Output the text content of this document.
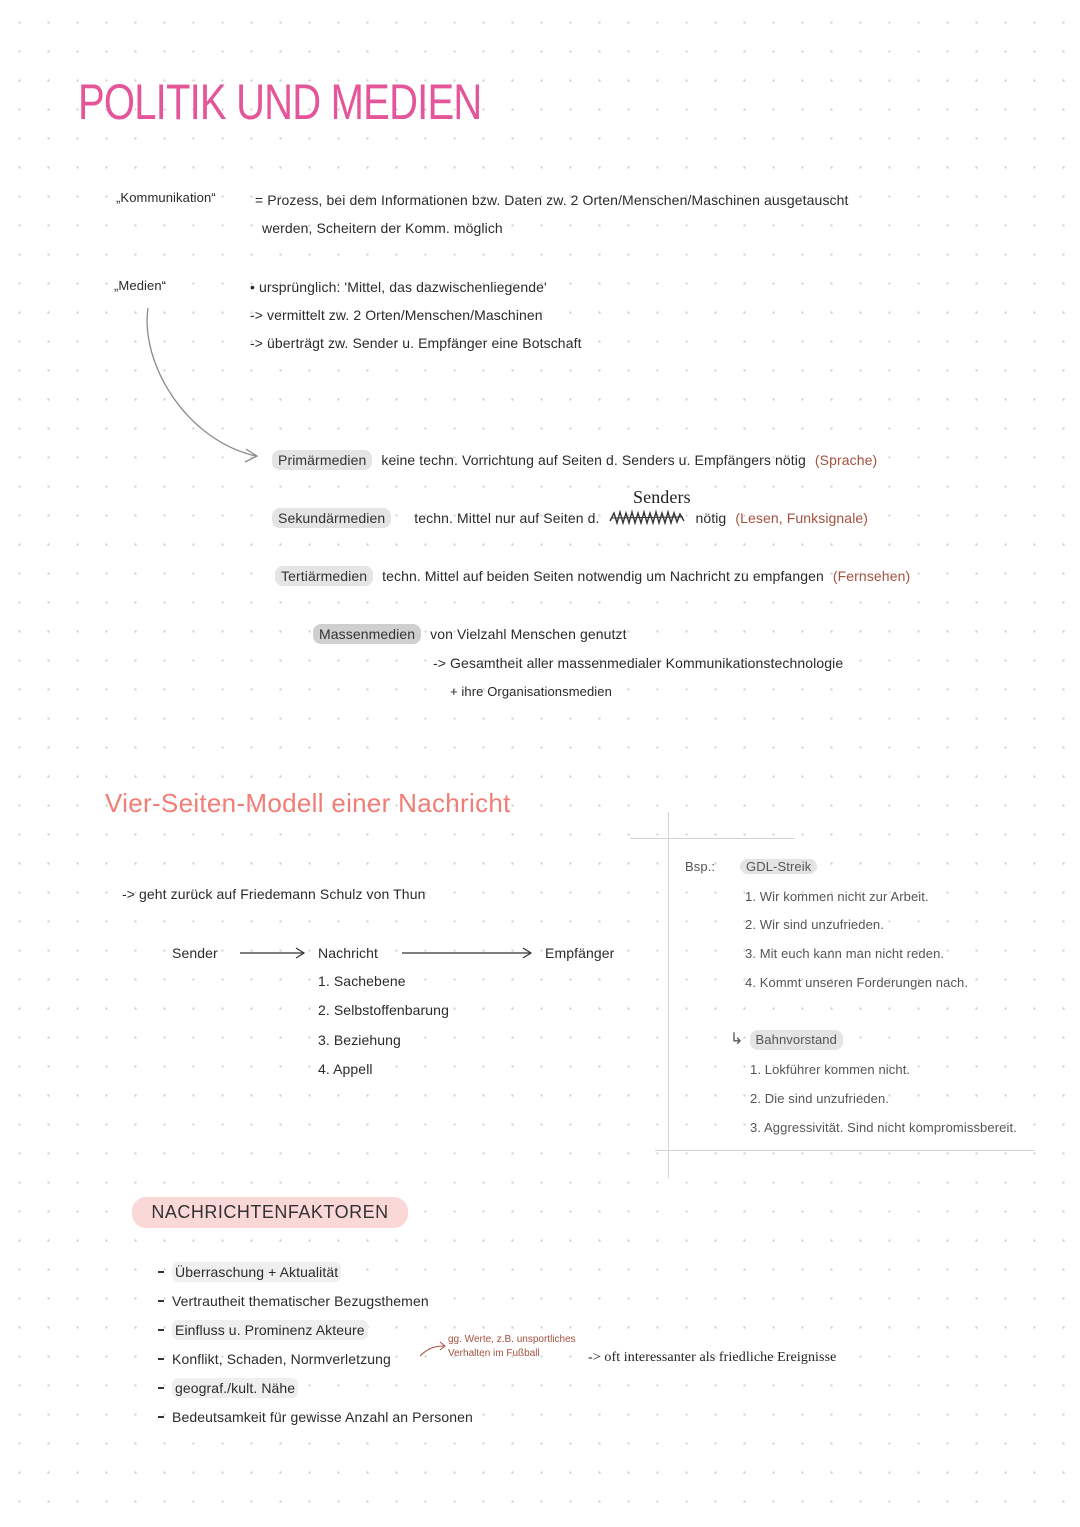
POLITIK UND MEDIEN
„Kommunikation“	= Prozess, bei dem Informationen bzw. Daten zw. 2 Orten/Menschen/Maschinen ausgetauscht
werden, Scheitern der Komm. möglich
„Medien“	• ursprünglich: 'Mittel, das dazwischenliegende'
-> vermittelt zw. 2 Orten/Menschen/Maschinen
-> überträgt zw. Sender u. Empfänger eine Botschaft
Primärmedien	keine techn. Vorrichtung auf Seiten d. Senders u. Empfängers nötig (Sprache)
Senders
Sekundärmedien	techn. Mittel nur auf Seiten d.	nötig (Lesen, Funksignale)
Tertiärmedien	techn. Mittel auf beiden Seiten notwendig um Nachricht zu empfangen (Fernsehen)
Massenmedien	von Vielzahl Menschen genutzt
-> Gesamtheit aller massenmedialer Kommunikationstechnologie
+ ihre Organisationsmedien
Vier-Seiten-Modell einer Nachricht
-> geht zurück auf Friedemann Schulz von Thun
Sender	Nachricht	Empfänger
1. Sachebene
2. Selbstoffenbarung
3. Beziehung
4. Appell
Bsp.:	GDL-Streik
1. Wir kommen nicht zur Arbeit.
2. Wir sind unzufrieden.
3. Mit euch kann man nicht reden.
4. Kommt unseren Forderungen nach.
↳ Bahnvorstand
1. Lokführer kommen nicht.
2. Die sind unzufrieden.
3. Aggressivität. Sind nicht kompromissbereit.
NACHRICHTENFAKTOREN
Überraschung + Aktualität
Vertrautheit thematischer Bezugsthemen
Einfluss u. Prominenz Akteure
Konflikt, Schaden, Normverletzung
geograf./kult. Nähe
Bedeutsamkeit für gewisse Anzahl an Personen
gg. Werte, z.B. unsportliches
Verhalten im Fußball	-> oft interessanter als friedliche Ereignisse
